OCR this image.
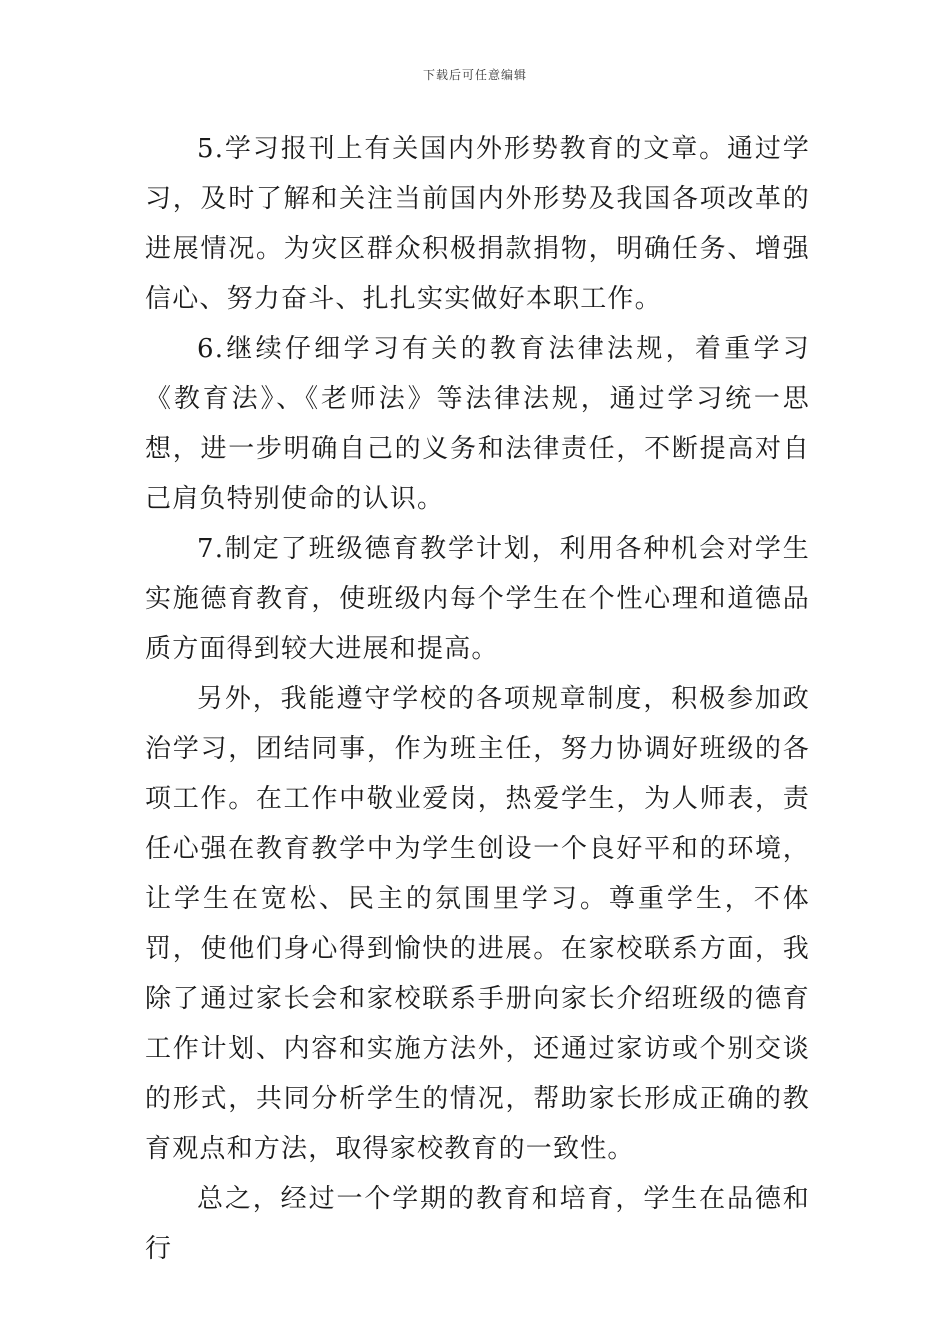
下载后可任意编辑

5.学习报刊上有关国内外形势教育的文章。通过学习，及时了解和关注当前国内外形势及我国各项改革的进展情况。为灾区群众积极捐款捐物，明确任务、增强信心、努力奋斗、扎扎实实做好本职工作。

6.继续仔细学习有关的教育法律法规，着重学习《教育法》、《老师法》等法律法规，通过学习统一思想，进一步明确自己的义务和法律责任，不断提高对自己肩负特别使命的认识。

7.制定了班级德育教学计划，利用各种机会对学生实施德育教育，使班级内每个学生在个性心理和道德品质方面得到较大进展和提高。

另外，我能遵守学校的各项规章制度，积极参加政治学习，团结同事，作为班主任，努力协调好班级的各项工作。在工作中敬业爱岗，热爱学生，为人师表，责任心强在教育教学中为学生创设一个良好平和的环境，让学生在宽松、民主的氛围里学习。尊重学生，不体罚，使他们身心得到愉快的进展。在家校联系方面，我除了通过家长会和家校联系手册向家长介绍班级的德育工作计划、内容和实施方法外，还通过家访或个别交谈的形式，共同分析学生的情况，帮助家长形成正确的教育观点和方法，取得家校教育的一致性。

总之，经过一个学期的教育和培育，学生在品德和行
